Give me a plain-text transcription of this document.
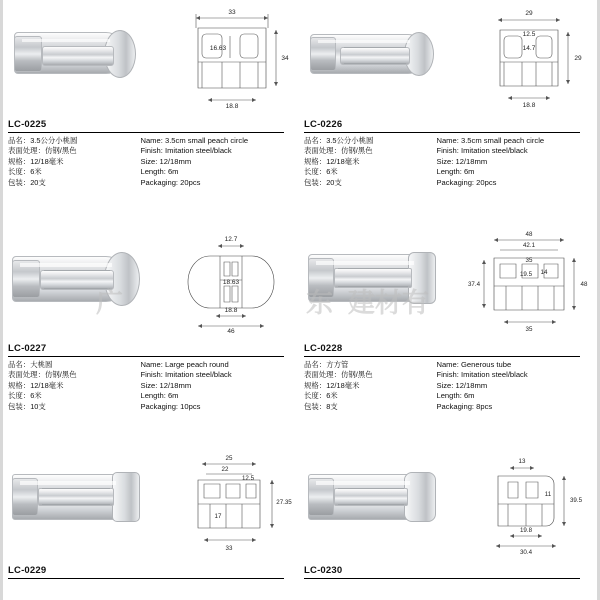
33
16.63
34
18.8
LC-0225
品名：3.5公分小桃圆
表面处理：仿钢/黑色
规格：12/18毫米
长度：6米
包装：20支
Name: 3.5cm small peach circle
Finish: Imitation steel/black
Size: 12/18mm
Length: 6m
Packaging: 20pcs
29
12.5
14.7
29
18.8
LC-0226
品名：3.5公分小桃圆
表面处理：仿钢/黑色
规格：12/18毫米
长度：6米
包装：20支
Name: 3.5cm small peach circle
Finish: Imitation steel/black
Size: 12/18mm
Length: 6m
Packaging: 20pcs
12.7
18.63
18.8
46
LC-0227
品名：大桃圆
表面处理：仿钢/黑色
规格：12/18毫米
长度：6米
包装：10支
Name: Large peach round
Finish: Imitation steel/black
Size: 12/18mm
Length: 6m
Packaging: 10pcs
48
42.1
35
19.5 14
37.4	48
35
LC-0228
品名：方方管
表面处理：仿钢/黑色
规格：12/18毫米
长度：6米
包装：8支
Name: Generous tube
Finish: Imitation steel/black
Size: 12/18mm
Length: 6m
Packaging: 8pcs
25
22
12.5
27.35
17
33
LC-0229
13
39.5
11
19.8
30.4
LC-0230
广	东 建材有
